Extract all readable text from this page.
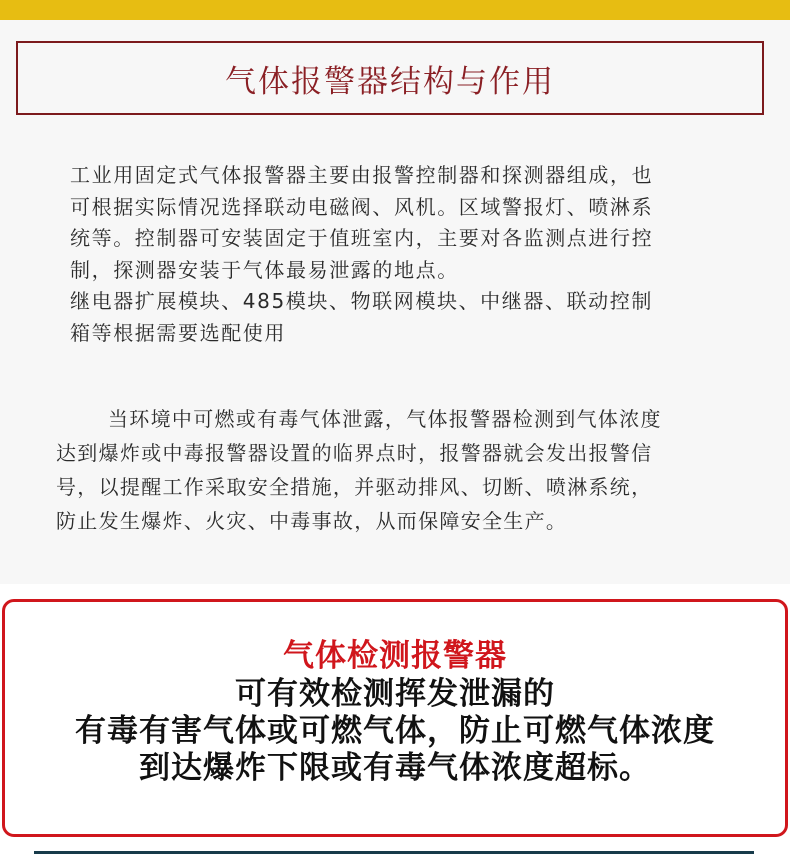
气体报警器结构与作用

工业用固定式气体报警器主要由报警控制器和探测器组成，也

可根据实际情况选择联动电磁阀、风机。区域警报灯、喷淋系

统等。控制器可安装固定于值班室内，主要对各监测点进行控

制，探测器安装于气体最易泄露的地点。

继电器扩展模块、485模块、物联网模块、中继器、联动控制

箱等根据需要选配使用

当环境中可燃或有毒气体泄露，气体报警器检测到气体浓度

达到爆炸或中毒报警器设置的临界点时，报警器就会发出报警信

号，以提醒工作采取安全措施，并驱动排风、切断、喷淋系统，

防止发生爆炸、火灾、中毒事故，从而保障安全生产。

气体检测报警器
可有效检测挥发泄漏的
有毒有害气体或可燃气体，防止可燃气体浓度
到达爆炸下限或有毒气体浓度超标。
